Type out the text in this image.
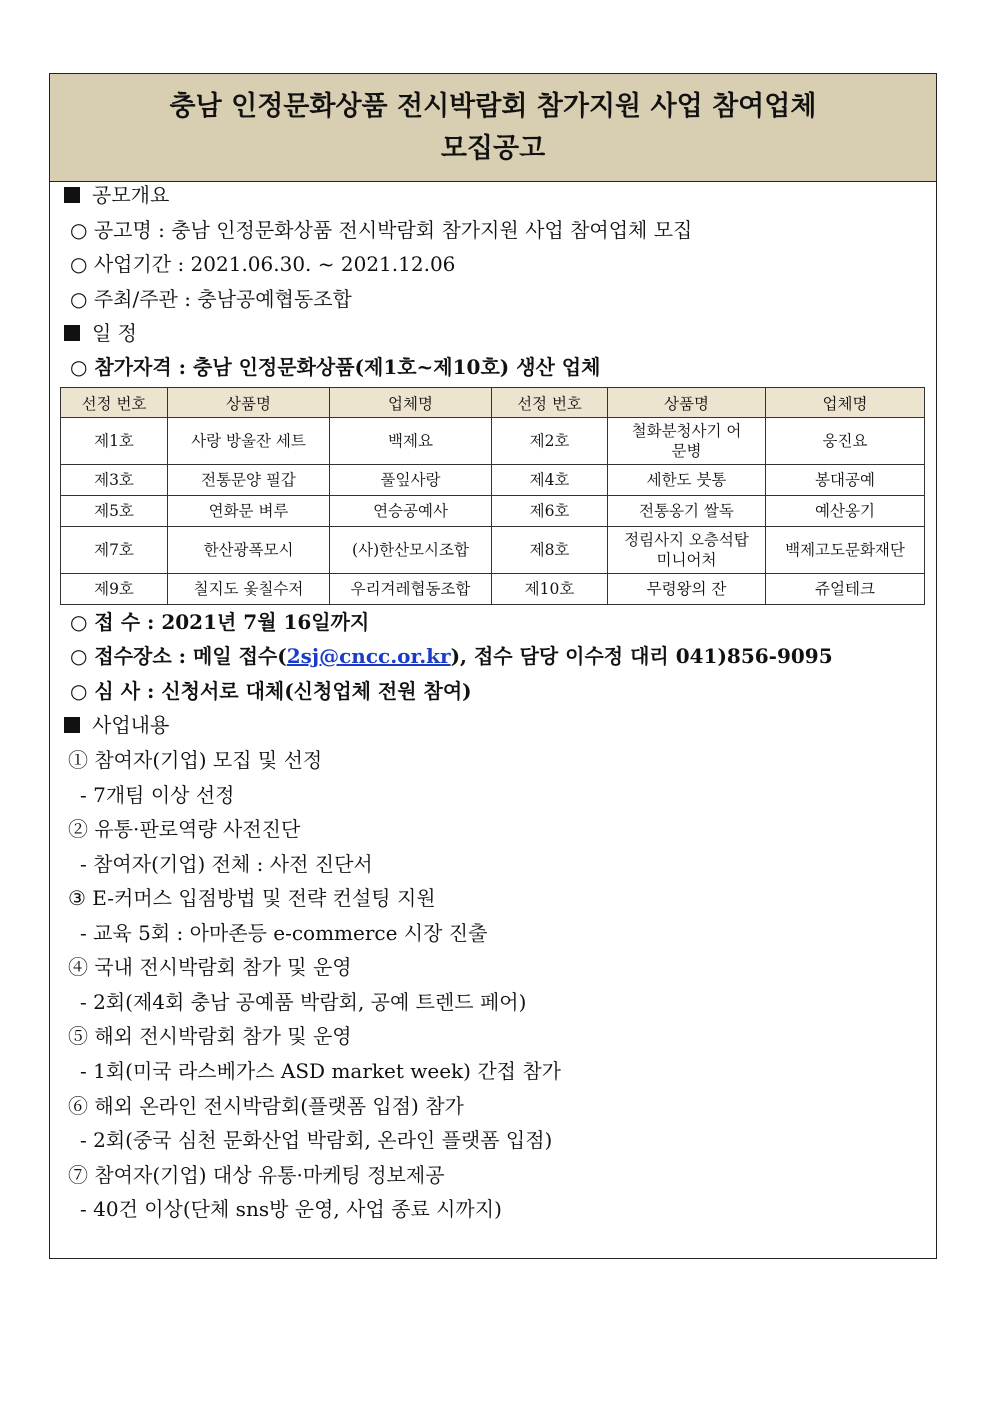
충남 인정문화상품 전시박람회 참가지원 사업 참여업체
모집공고
공모개요
○ 공고명 : 충남 인정문화상품 전시박람회 참가지원 사업 참여업체 모집
○ 사업기간 : 2021.06.30. ~ 2021.12.06
○ 주최/주관 : 충남공예협동조합
일 정
○ 참가자격 : 충남 인정문화상품(제1호~제10호) 생산 업체
선정 번호	상품명	업체명	선정 번호	상품명	업체명
제1호	사랑 방울잔 세트	백제요	제2호	철화분청사기 어문병	웅진요
제3호	전통문양 필갑	풀잎사랑	제4호	세한도 붓통	봉대공예
제5호	연화문 벼루	연승공예사	제6호	전통옹기 쌀독	예산옹기
제7호	한산광폭모시	(사)한산모시조합	제8호	정림사지 오층석탑 미니어처	백제고도문화재단
제9호	칠지도 옻칠수저	우리겨레협동조합	제10호	무령왕의 잔	쥬얼테크
○ 접 수 : 2021년 7월 16일까지
○ 접수장소 : 메일 접수(2sj@cncc.or.kr), 접수 담당 이수정 대리 041)856-9095
○ 심 사 : 신청서로 대체(신청업체 전원 참여)
사업내용
① 참여자(기업) 모집 및 선정
- 7개팀 이상 선정
② 유통·판로역량 사전진단
- 참여자(기업) 전체 : 사전 진단서
③ E-커머스 입점방법 및 전략 컨설팅 지원
- 교육 5회 : 아마존등 e-commerce 시장 진출
④ 국내 전시박람회 참가 및 운영
- 2회(제4회 충남 공예품 박람회, 공예 트렌드 페어)
⑤ 해외 전시박람회 참가 및 운영
- 1회(미국 라스베가스 ASD market week) 간접 참가
⑥ 해외 온라인 전시박람회(플랫폼 입점) 참가
- 2회(중국 심천 문화산업 박람회, 온라인 플랫폼 입점)
⑦ 참여자(기업) 대상 유통·마케팅 정보제공
- 40건 이상(단체 sns방 운영, 사업 종료 시까지)
